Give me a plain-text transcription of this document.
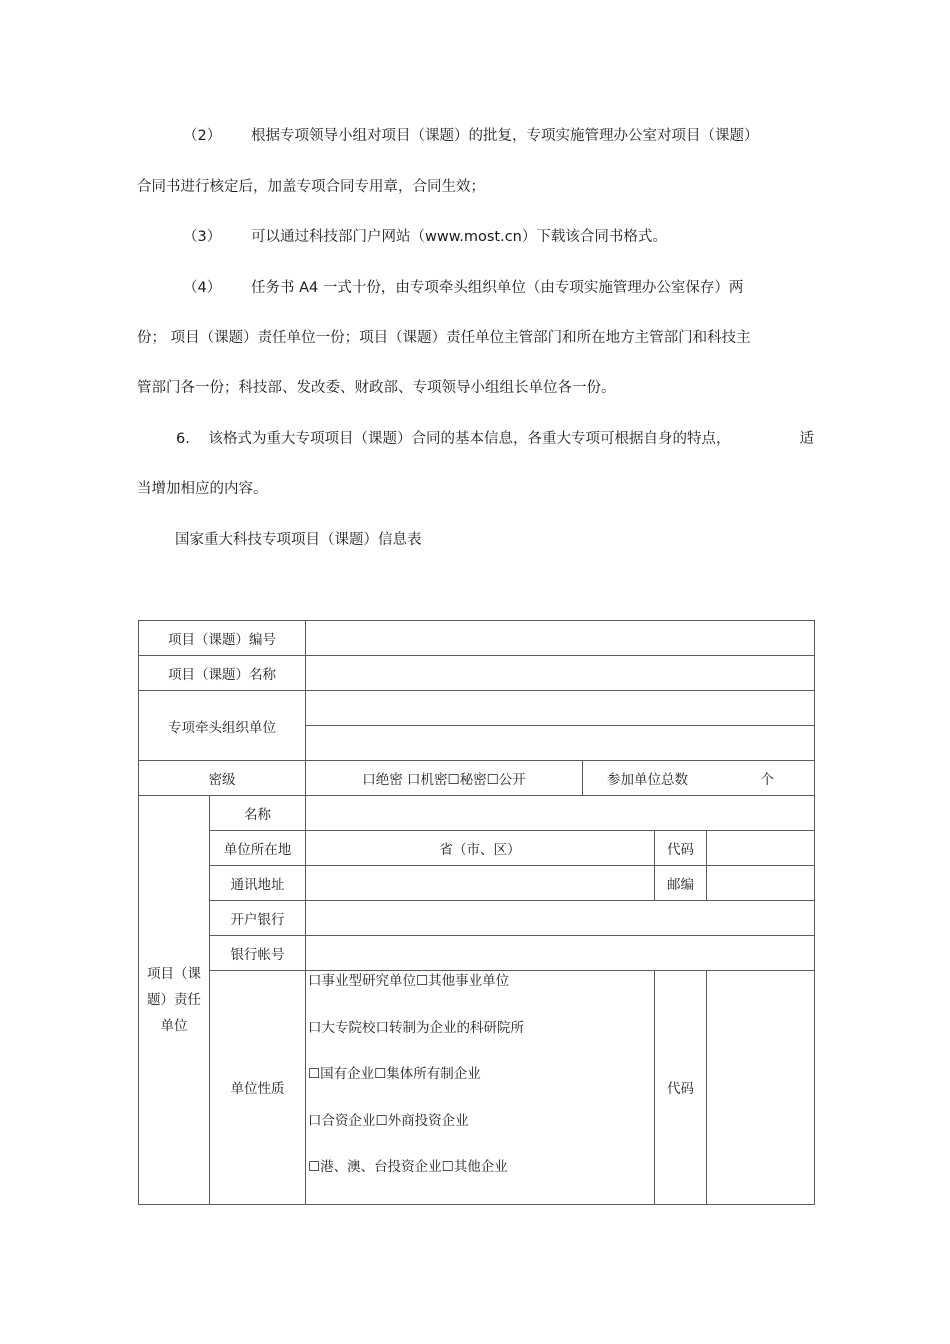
（2） 根据专项领导小组对项目（课题）的批复，专项实施管理办公室对项目（课题）
合同书进行核定后，加盖专项合同专用章，合同生效；
（3） 可以通过科技部门户网站（www.most.cn）下载该合同书格式。
（4） 任务书 A4 一式十份，由专项牵头组织单位（由专项实施管理办公室保存）两
份； 项目（课题）责任单位一份；项目（课题）责任单位主管部门和所在地方主管部门和科技主
管部门各一份；科技部、发改委、财政部、专项领导小组组长单位各一份。
6. 该格式为重大专项项目（课题）合同的基本信息，各重大专项可根据自身的特点，	适
当增加相应的内容。
国家重大科技专项项目（课题）信息表
项目（课题）编号					
项目（课题）名称					
专项牵头组织单位					

密级		口绝密 口机密☐秘密☐公开	参加单位总数 个		

项目（课题）责任单位	名称				
	单位所在地	省（市、区）		代码	
	通讯地址			邮编	
	开户银行				
	银行帐号				
	单位性质	口事业型研究单位☐其他事业单位
口大专院校口转制为企业的科研院所
☐国有企业☐集体所有制企业
口合资企业☐外商投资企业
☐港、澳、台投资企业☐其他企业		代码	
